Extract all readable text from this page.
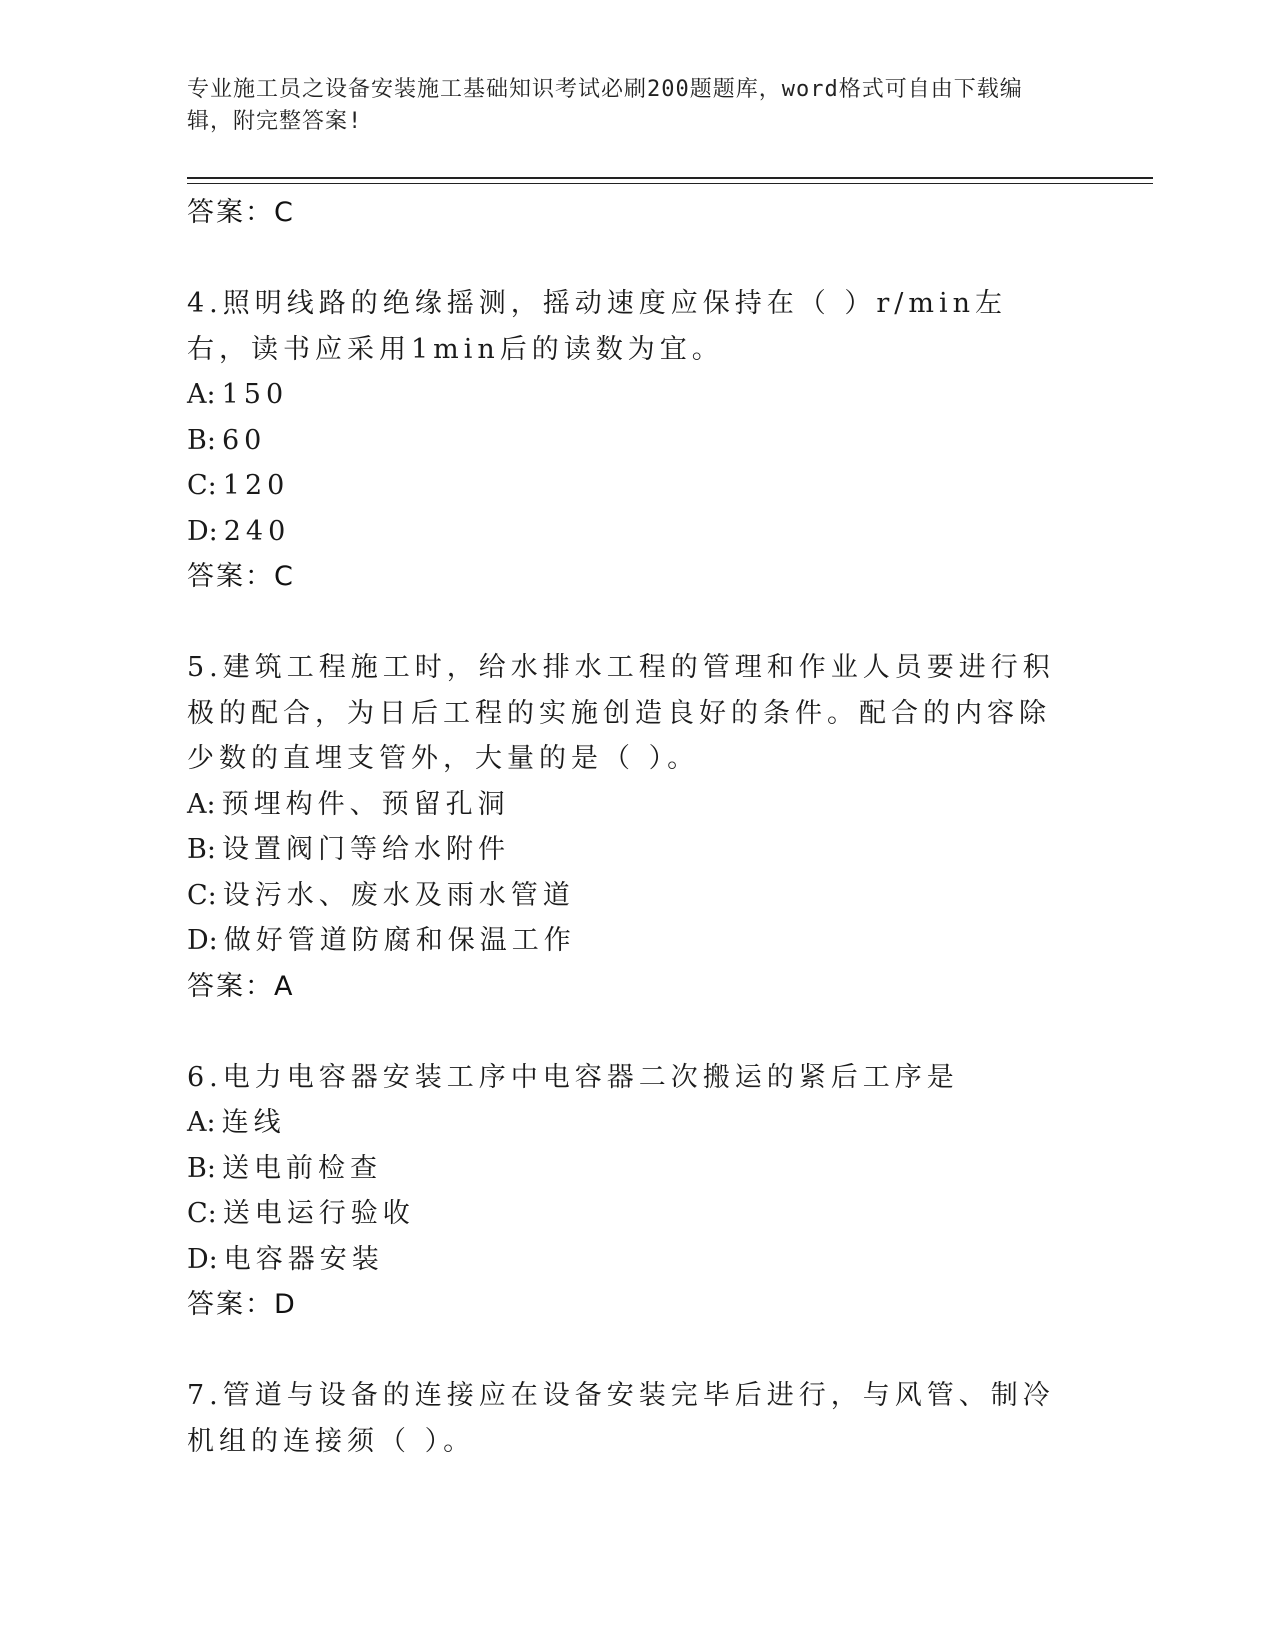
专业施工员之设备安装施工基础知识考试必刷200题题库，word格式可自由下载编辑，附完整答案!
答案：C
4.照明线路的绝缘摇测，摇动速度应保持在（ ）r/min左右，读书应采用1min后的读数为宜。
A: 150
B: 60
C: 120
D: 240
答案：C
5.建筑工程施工时，给水排水工程的管理和作业人员要进行积极的配合，为日后工程的实施创造良好的条件。配合的内容除少数的直埋支管外，大量的是（ ）。
A: 预埋构件、预留孔洞
B: 设置阀门等给水附件
C: 设污水、废水及雨水管道
D: 做好管道防腐和保温工作
答案：A
6.电力电容器安装工序中电容器二次搬运的紧后工序是
A: 连线
B: 送电前检查
C: 送电运行验收
D: 电容器安装
答案：D
7.管道与设备的连接应在设备安装完毕后进行，与风管、制冷机组的连接须（ ）。
